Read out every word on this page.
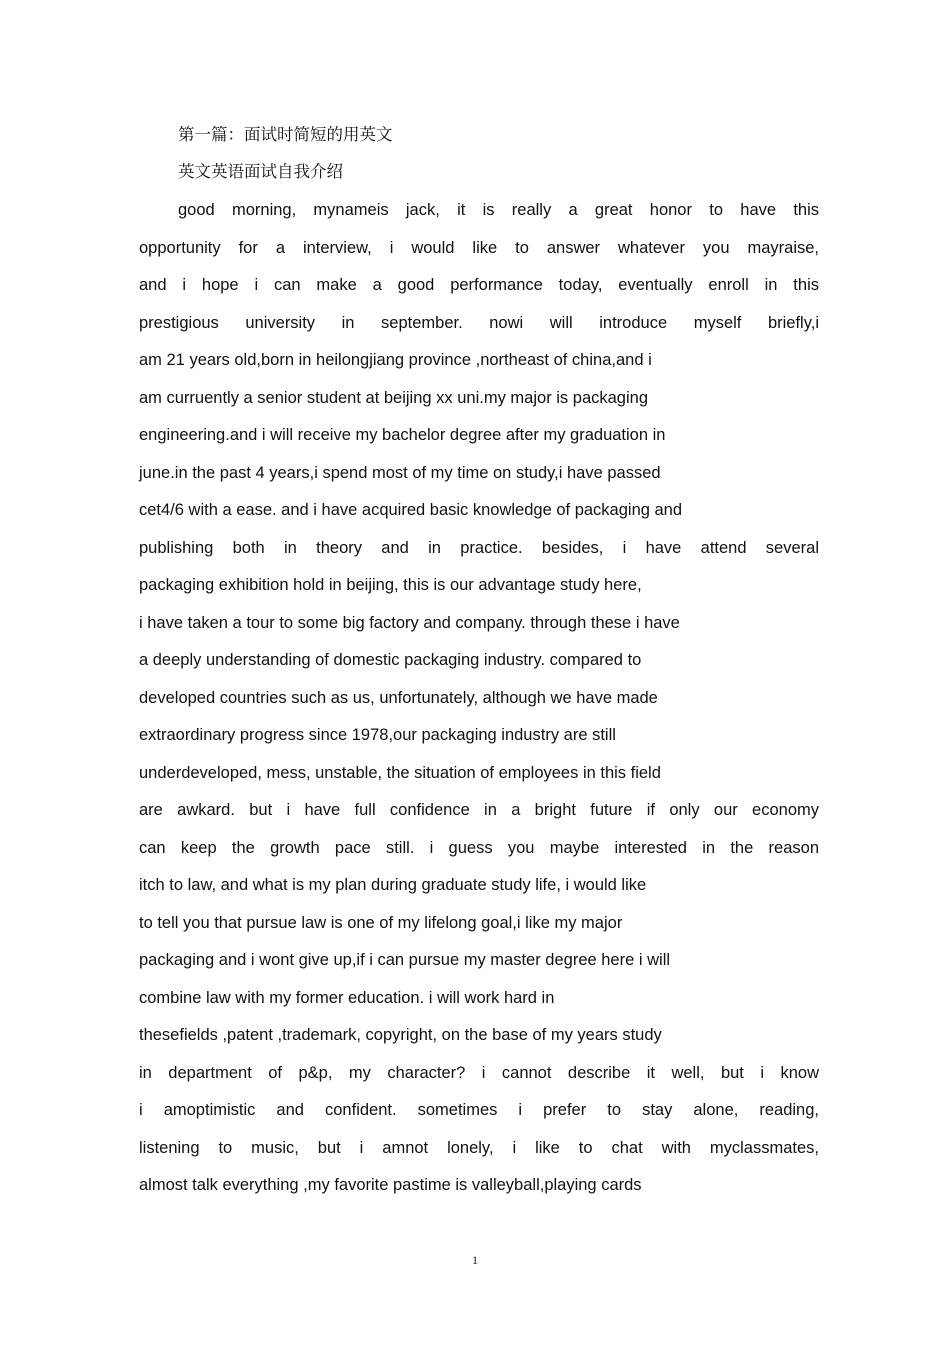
第一篇：面试时简短的用英文
英文英语面试自我介绍
good morning, mynameis jack, it is really a great honor to have this
opportunity for a interview, i would like to answer whatever you mayraise,
and i hope i can make a good performance today, eventually enroll in this
prestigious university in september. nowi will introduce myself briefly,i
am 21 years old,born in heilongjiang province ,northeast of china,and i
am curruently a senior student at beijing xx uni.my major is packaging
engineering.and i will receive my bachelor degree after my graduation in
june.in the past 4 years,i spend most of my time on study,i have passed
cet4/6 with a ease. and i have acquired basic knowledge of packaging and
publishing both in theory and in practice. besides, i have attend several
packaging exhibition hold in beijing, this is our advantage study here,
i have taken a tour to some big factory and company. through these i have
a deeply understanding of domestic packaging industry. compared to
developed countries such as us, unfortunately, although we have made
extraordinary progress since 1978,our packaging industry are still
underdeveloped, mess, unstable, the situation of employees in this field
are awkard. but i have full confidence in a bright future if only our economy
can keep the growth pace still. i guess you maybe interested in the reason
itch to law, and what is my plan during graduate study life, i would like
to tell you that pursue law is one of my lifelong goal,i like my major
packaging and i wont give up,if i can pursue my master degree here i will
combine law with my former education. i will work hard in
thesefields ,patent ,trademark, copyright, on the base of my years study
in department of p&p, my character? i cannot describe it well, but i know
i amoptimistic and confident. sometimes i prefer to stay alone, reading,
listening to music, but i amnot lonely, i like to chat with myclassmates,
almost talk everything ,my favorite pastime is valleyball,playing cards
1
